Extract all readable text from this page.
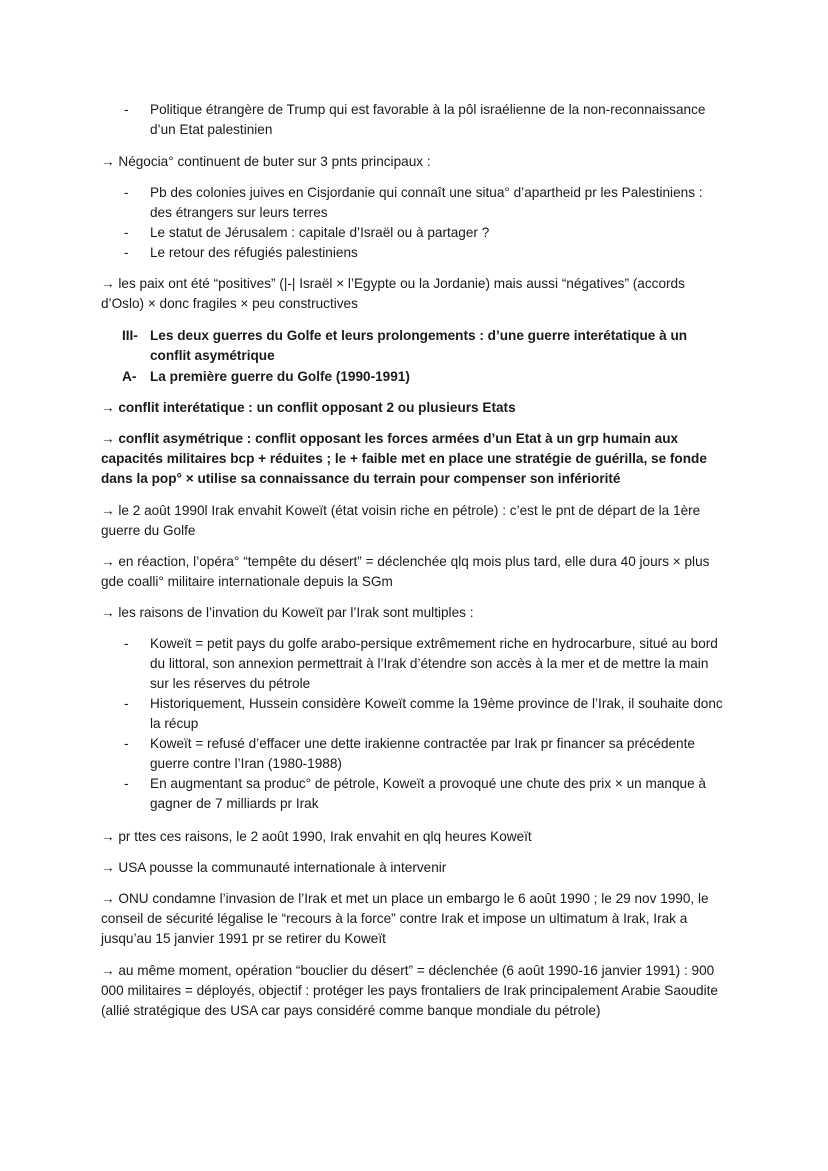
- Politique étrangère de Trump qui est favorable à la pôl israélienne de la non-reconnaissance d’un Etat palestinien

→ Négocia° continuent de buter sur 3 pnts principaux :

- Pb des colonies juives en Cisjordanie qui connaît une situa° d’apartheid pr les Palestiniens : des étrangers sur leurs terres
- Le statut de Jérusalem : capitale d’Israël ou à partager ?
- Le retour des réfugiés palestiniens

→ les paix ont été “positives” (|-| Israël × l’Egypte ou la Jordanie) mais aussi “négatives” (accords d’Oslo) × donc fragiles × peu constructives

III- Les deux guerres du Golfe et leurs prolongements : d’une guerre interétatique à un conflit asymétrique
A- La première guerre du Golfe (1990-1991)

→ conflit interétatique : un conflit opposant 2 ou plusieurs Etats

→ conflit asymétrique : conflit opposant les forces armées d’un Etat à un grp humain aux capacités militaires bcp + réduites ; le + faible met en place une stratégie de guérilla, se fonde dans la pop° × utilise sa connaissance du terrain pour compenser son infériorité

→ le 2 août 1990l Irak envahit Koweït (état voisin riche en pétrole) : c’est le pnt de départ de la 1ère guerre du Golfe

→ en réaction, l’opéra° “tempête du désert” = déclenchée qlq mois plus tard, elle dura 40 jours × plus gde coalli° militaire internationale depuis la SGm

→ les raisons de l’invation du Koweït par l’Irak sont multiples :

- Koweït = petit pays du golfe arabo-persique extrêmement riche en hydrocarbure, situé au bord du littoral, son annexion permettrait à l’Irak d’étendre son accès à la mer et de mettre la main sur les réserves du pétrole
- Historiquement, Hussein considère Koweït comme la 19ème province de l’Irak, il souhaite donc la récup
- Koweït = refusé d’effacer une dette irakienne contractée par Irak pr financer sa précédente guerre contre l’Iran (1980-1988)
- En augmentant sa produc° de pétrole, Koweït a provoqué une chute des prix × un manque à gagner de 7 milliards pr Irak

→ pr ttes ces raisons, le 2 août 1990, Irak envahit en qlq heures Koweït

→ USA pousse la communauté internationale à intervenir

→ ONU condamne l’invasion de l’Irak et met un place un embargo le 6 août 1990 ; le 29 nov 1990, le conseil de sécurité légalise le “recours à la force” contre Irak et impose un ultimatum à Irak, Irak a jusqu’au 15 janvier 1991 pr se retirer du Koweït

→ au même moment, opération “bouclier du désert” = déclenchée (6 août 1990-16 janvier 1991) : 900 000 militaires = déployés, objectif : protéger les pays frontaliers de Irak principalement Arabie Saoudite (allié stratégique des USA car pays considéré comme banque mondiale du pétrole)
